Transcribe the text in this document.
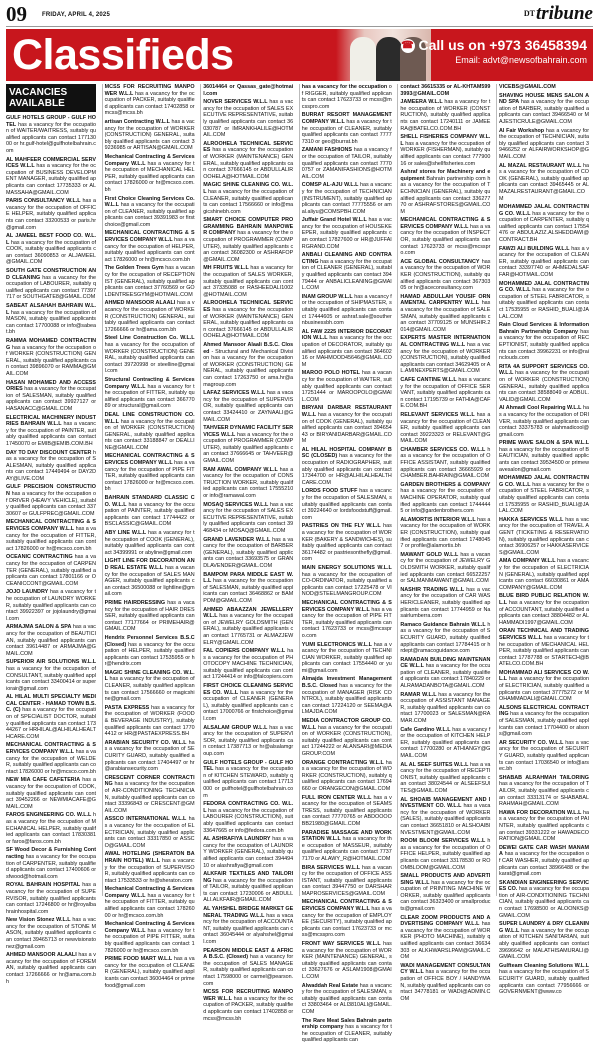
09	FRIDAY, APRIL 4, 2025	$^{DT}$tribune
Classifieds	☎ Call us on +973 36458394
Email: advt@newsofbahrain.com
VACANCIES AVAILABLE

GULF HOTELS GROUP - GULF HOTEL has a vacancy for the occupation of WAITER/WAITRESS, suitably qualified applicants can contact 17713000 or hr.gulf-hotel@gulfhotelbahrain.com

AL MAHFEER COMMERCIAL SERVICES W.L.L has a vacancy for the occupation of BUSINESS DEVELOPMENT MANAGER, suitably qualified applicants can contact 17735333 or ALMASSAHA@GMAIL.COM

PARIS CONSULTANCY W.L.L has a vacancy for the occupation of OFFICE HELPER, suitably qualified applicants can contact 33200533 or paris.hr@gmail.com

AL JAMEEL BEST FOOD CO. W.L.L has a vacancy for the occupation of COOK, suitably qualified applicants can contact 36090853 or ALJAMEEL@GMAIL.COM

SOUTH GATE CONSTRUCTION AND CLEANING has a vacancy for the occupation of LABOURER, suitably qualified applicants can contact 77397717 or SOUTHGATE8@GMAIL.COM

SABEAT ALSAHAH BAHRAIN W.L.L has a vacancy for the occupation of MASON, suitably qualified applicants can contact 17700088 or info@sabeat.bh

RAMMA MOHAMED CONTRACTING has a vacancy for the occupation of WORKER (CONSTRUCTION) GENERAL, suitably qualified applicants can contact 39896070 or RAMMA@GMAIL.COM

HASAN MOHAMED AND ACCESSORIES has a vacancy for the occupation of SALESMAN, suitably qualified applicants can contact 39927127 or HASANACC@GMAIL.COM

ELECTRICAL MACHINERY INDUSTRIES BAHRAIN W.L.L has a vacancy for the occupation of PAINTER, suitably qualified applicants can contact 17450070 or EMIB@EMIB.COM.BH

DAY TO DAY DISCOUNT CENTER has a vacancy for the occupation of SALESMAN, suitably qualified applicants can contact 17449494 or DAY2DAY@LIVE.COM

GULF PRECISION CONSTRUCTION has a vacancy for the occupation of DRIVER (HEAVY VEHICLE), suitably qualified applicants can contact 33730607 or GULFPREC@GMAIL.COM

MECHANICAL CONTRACTING & SERVICES COMPANY W.L.L has a vacancy for the occupation of FITTER, suitably qualified applicants can contact 17826000 or hr@mcsco.com.bh

OCEANIC CONTRACTING has a vacancy for the occupation of CARPENTER (GENERAL), suitably qualified applicants can contact 17801166 or OCEANICCONT@GMAIL.COM

JOJO LAUNDRY has a vacancy for the occupation of LAUNDRY WORKER, suitably qualified applicants can contact 39922397 or jojolaundry@gmail.com

ARMAJMA SALON & SPA has a vacancy for the occupation of BEAUTICIAN, suitably qualified applicants can contact 39614487 or ARMAJMA@GMAIL.COM

SUPERIOR AIR SOLUTIONS W.L.L has a vacancy for the occupation of CONSULTANT, suitably qualified applicants can contact 33400414 or superiorair@gmail.com

AL HILAL MULTI SPECIALTY MEDICAL CENTER - HAMAD TOWN B.S.C. (C) has a vacancy for the occupation of SPECIALIST DOCTOR, suitably qualified applicants can contact 17344267 or HRHILAL@ALHILALHEALTHCARE.COM

MECHANICAL CONTRACTING & SERVICES COMPANY W.L.L has a vacancy for the occupation of WELDER, suitably qualified applicants can contact 17826000 or hr@mcsco.com.bh

NEW MIA CAFE CAFETERIA has a vacancy for the occupation of COOK, suitably qualified applicants can contact 39452266 or NEWMIACAFE@GMAIL.COM

FAROS ENGINEERING CO. W.L.L has a vacancy for the occupation of MECHANICAL HELPER, suitably qualified applicants can contact 17830381 or faros@faros.com.bh

SF Wood Decor & Furnishing Contracting has a vacancy for the occupation of CARPENTER, suitably qualified applicants can contact 17400606 or sfwood@hotmail.com

ROYAL BAHRAIN HOSPITAL has a vacancy for the occupation of SUPERVISOR, suitably qualified applicants can contact 17246800 or hr@royalbahrainhospital.com

New Vision Stonez W.L.L has a vacancy for the occupation of STONE MASON, suitably qualified applicants can contact 39465713 or newvisionstonez@gmail.com

AHMED MANSOOR ALAALI has a vacancy for the occupation of FOREMAN, suitably qualified applicants can contact 17266666 or hr@ama.com.bh

MCSS FOR RECRUITING MANPOWER W.L.L has a vacancy for the occupation of PACKER, suitably qualified applicants can contact 17402858 or mcss@mcss.bh

artisan Contracting W.L.L has a vacancy for the occupation of WORKER (CONSTRUCTION) GENERAL, suitably qualified applicants can contact 39236985 or ARTISAN@GMAIL.COM

Mechanical Contracting & Services Company W.L.L has a vacancy for the occupation of MECHANICAL HELPER, suitably qualified applicants can contact 17826000 or hr@mcsco.com.bh

First Choice Cleaning Services Co. W.L.L has a vacancy for the occupation of CLEANER, suitably qualified applicants can contact 39391983 or firstchoice@gmail.com

MECHANICAL CONTRACTING & SERVICES COMPANY W.L.L has a vacancy for the occupation of HELPER, suitably qualified applicants can contact 17826000 or hr@mcsco.com.bh

The Golden Trees Gym has a vacancy for the occupation of RECEPTIONIST (GENERAL), suitably qualified applicants can contact 37760569 or GOLDENTREESGYM@HOTMAIL.COM

AHMED MANSOOR ALAALI has a vacancy for the occupation of WORKER (CONSTRUCTION) GENERAL, suitably qualified applicants can contact 17266666 or hr@ama.com.bh

Steel Line Construction Co. W.L.L has a vacancy for the occupation of WORKER (CONSTRUCTION) GENERAL, suitably qualified applicants can contact 39720998 or steelline@gmail.com

Structural Contracting & Services Company W.L.L has a vacancy for the occupation of FITTER, suitably qualified applicants can contact 36677089 or structural@gmail.com

DEAL LINE CONSTRUCTION CO. W.L.L has a vacancy for the occupation of WORKER (CONSTRUCTION) GENERAL, suitably qualified applicants can contact 33188847 or DEALLINE@GMAIL.COM

MECHANICAL CONTRACTING & SERVICES COMPANY W.L.L has a vacancy for the occupation of PIPE FITTER, suitably qualified applicants can contact 17826000 or hr@mcsco.com.bh

BAHRAIN STANDARD CLASSIC CO. W.L.L has a vacancy for the occupation of PAINTER, suitably qualified applicants can contact 17744422 or BSCLASSIC@GMAIL.COM

ABY LINE W.L.L has a vacancy for the occupation of COOK (GENERAL), suitably qualified applicants can contact 34399991 or abyline@gmail.com

LIGHT LINE FOR DECORATION AND REAL ESTATE W.L.L has a vacancy for the occupation of SALES MANAGER, suitably qualified applicants can contact 36500088 or lightline@gmail.com

PRIME HAIRDRESSING has a vacancy for the occupation of HAIR DRESSER, suitably qualified applicants can contact 77177664 or PRIMEHAIR@GMAIL.COM

Hendrix Personnel Services B.S.C (Closed) has a vacancy for the occupation of HELPER, suitably qualified applicants can contact 17535955 or hr@hendrix.com

MAGIC SHINE CLEANING CO. W.L.L has a vacancy for the occupation of CLEANER, suitably qualified applicants can contact 17566660 or magicshine@gmail.com

PASTA EXPRESS has a vacancy for the occupation of WORKER (FOOD & BEVERAGE INDUSTRY), suitably qualified applicants can contact 17704412 or HR@PASTAEXPRESS.BH

ARABIAN SECURITY CO. W.L.L has a vacancy for the occupation of SECURITY GUARD, suitably qualified applicants can contact 17404497 or hr@arabiansecurity.com

CRESCENT CORNER CONTRACTING has a vacancy for the occupation of AIR-CONDITIONING TECHNICIAN, suitably qualified applicants can contact 33396843 or CRESCENT@GMAIL.COM

ASSCO INTERNATIONAL W.L.L has a vacancy for the occupation of ELECTRICIAN, suitably qualified applicants can contact 33317850 or ASSCO@GMAIL.COM

AWAL HOTELING (SHERATON BAHRAIN HOTEL) W.L.L has a vacancy for the occupation of SUPERVISOR, suitably qualified applicants can contact 17533533 or hr@sheraton.com

Mechanical Contracting & Services Company W.L.L has a vacancy for the occupation of FITTER, suitably qualified applicants can contact 17826000 or hr@mcsco.com.bh

Mechanical Contracting & Services Company W.L.L has a vacancy for the occupation of PIPE FITTER, suitably qualified applicants can contact 17826000 or hr@mcsco.com.bh

PRIME FOOD MART W.L.L has a vacancy for the occupation of CLEANER (GENERAL), suitably qualified applicants can contact 36004464 or primefood@gmail.com

36014464 or Qassas_gate@hotmail.com

NOVER SERVICES W.L.L has a vacancy for the occupation of SALES EXECUTIVE REPRESENTATIVE, suitably qualified applicants can contact 36030787 or IMRANKHALILE@HOTMAIL.COM

ALROOHELA TECHNICAL SERVICES has a vacancy for the occupation of WORKER (MAINTENANCE) GENERAL, suitably qualified applicants can contact 37666145 or ABDULLALIROOHELA@HOTMAIL.COM

MAGIC SHINE CLEANING CO. W.L.L has a vacancy for the occupation of CLEANER, suitably qualified applicants can contact 17566660 or info@magicshinebh.com

SMART CHOICE COMPUTER PROGRAMMING BAHRAIN MANPOWER COMPANY has a vacancy for the occupation of PROGRAMMER (COMPUTER), suitably qualified applicants can contact 36082300 or ASHRAFOP@GMAIL.COM

MH FRUITS W.L.L has a vacancy for the occupation of SALES WORKER, suitably qualified applicants can contact 37335088 or RASHEEDALI1002@HOTMAIL.COM

ALROOHELA TECHNICAL SERVICES has a vacancy for the occupation of WORKER (MAINTENANCE) GENERAL, suitably qualified applicants can contact 37666145 or ABDULLALIROOHELA@HOTMAIL.COM

Ahmed Mansoor Alaali B.S.C. Closed - Structural and Mechanical Division has a vacancy for the occupation of WORKER (CONSTRUCTION) GENERAL, suitably qualified applicants can contact 17263750 or ama.hr@amagroup.com

LAFAZ SERVICES W.L.L has a vacancy for the occupation of SUPERVISOR, suitably qualified applicants can contact 33424410 or ZAYNAALI@GMAIL.COM

TAHVEER DYNAMIC FACILITY SERVICES W.L.L has a vacancy for the occupation of PROGRAMMER (COMPUTER), suitably qualified applicants can contact 37666645 or TAHVEER@GMAIL.COM

RAM AWAL COMPANY W.L.L has a vacancy for the occupation of CONSTRUCTION WORKER, suitably qualified applicants can contact 17555210 or info@ramawal.com

MOSAQ SERVICES W.L.L has a vacancy for the occupation of SALES EXECUTIVE REPRESENTATIVE, suitably qualified applicants can contact 39468434 or MOSAQ@GMAIL.COM

GRAND LAVENDER W.L.L has a vacancy for the occupation of BARBER (GENERAL), suitably qualified applicants can contact 33693575 or GRANDLAVENDER@GMAIL.COM

BAMPOM PARA MIDDLE EAST W.L.L has a vacancy for the occupation of SALESMAN, suitably qualified applicants can contact 36468862 or BAMPOM@GMAIL.COM

AHMED ABAAZZAN JEWELLERY W.L.L has a vacancy for the occupation of JEWELRY GOLDSMITH (GENERAL), suitably qualified applicants can contact 17765731 or ALMAZJEWELRY@GMAIL.COM

FAL COPIERS COMPANY W.L.L has a vacancy for the occupation of PHOTOCOPY MACHINE TECHNICIAN, suitably qualified applicants can contact 17244414 or info@falcopiers.com

FIRST CHOICE CLEANING SERVICES CO. W.L.L has a vacancy for the occupation of CLEANER (GENERAL), suitably qualified applicants can contact 17000766 or firstchoice@gmail.com

ALSALAM GROUP W.L.L has a vacancy for the occupation of SUPERVISOR, suitably qualified applicants can contact 17387713 or hr@alsalamgroup.com

GULF HOTELS GROUP - GULF HOTEL has a vacancy for the occupation of KITCHEN STEWARD, suitably qualified applicants can contact 17713000 or gulfhotel@gulfhotelbahrain.com

FEDORA CONTRACTING CO. W.L.L has a vacancy for the occupation of LABOURER (CONSTRUCTION), suitably qualified applicants can contact 33647665 or info@fedora.com.bh

AL ASHRAFIYA LAUNDRY has a vacancy for the occupation of LAUNDRY WORKER (GENERAL), suitably qualified applicants can contact 39449410 or alashrafiya@gmail.com

ALKFAIR TEXTILES AND TAILORING has a vacancy for the occupation of TAILOR, suitably qualified applicants can contact 17230006 or ABDULLALI.ALKFAIR@GMAIL.COM

AL YAHSHEL BRIDGE MARKET GENERAL TRADING W.L.L has a vacancy for the occupation of ACCOUNTANT, suitably qualified applicants can contact 36045444 or alyahshel@gmail.com

PEARSON MIDDLE EAST & AFRICA B.S.C. (Closed) has a vacancy for the occupation of SALES MANAGER, suitably qualified applicants can contact 17598000 or carmel@pearson.com

MCSS FOR RECRUITING MANPOWER W.L.L has a vacancy for the occupation of PACKER, suitably qualified applicants can contact 17402858 or mcss@mcss.bh

has a vacancy for the occupation of RIGGER, suitably qualified applicants can contact 17623733 or mcss@mcsspro.com

BURRAT RESORT MANAGEMENT COMPANY W.L.L has a vacancy for the occupation of CLEANER, suitably qualified applicants can contact 77777310 or geo@burrat.bh

ZAMANI FASHIONS has a vacancy for the occupation of TAILOR, suitably qualified applicants can contact 77700757 or ZAMANIFASHIONS@HOTMAIL.COM

COMSP AL-AJU W.L.L has a vacancy for the occupation of TECHNICIAN (INSTRUMENT), suitably qualified applicants can contact 77775556 or amal.aliyu@COMSPBH.COM

Juffair Grand Hotel W.L.L has a vacancy for the occupation of HOUSEKEEPER, suitably qualified applicants can contact 17827600 or HR@JUFFAIRGRAND.COM

ANBALI CLEANING AND CONTRACTING has a vacancy for the occupation of CLEANER (GENERAL), suitably qualified applicants can contact 39479444 or ANBALICLEANING@GMAIL.COM

INAM GROUP W.L.L has a vacancy for the occupation of SHIPMASTER, suitably qualified applicants can contact 17444605 or ashraf.sale@southernbusinessbh.com

AL FAW 2225 INTERIOR DECORATION W.L.L has a vacancy for the occupation of DECORATOR, suitably qualified applicants can contact 36460216 or MAHMOOD45646@GMAIL.COM

MAROO POLO HOTEL has a vacancy for the occupation of WAITER, suitably qualified applicants can contact 17251444 or MAROOPOLO@GMAIL.COM

BIRYANI DARBAR RESTAURANT W.L.L has a vacancy for the occupation of COOK (GENERAL), suitably qualified applicants can contact 39465443 or BIRYANIDARBAR@GMAIL.COM

AL HILAL HOSPITAL COMPANY BSC (CLOSED) has a vacancy for the occupation of RADIOGRAPHER, suitably qualified applicants can contact 17344700 or HR@ALHILALHEALTHCARE.COM

LORDS FOOD STUFF has a vacancy for the occupation of SALESMAN, suitably qualified applicants can contact 39224640 or lordsfoodstuff@gmail.com

PASTRIES ON THE FLY W.L.L has a vacancy for the occupation of WORKER (BAKERY & SANDWICHES), suitably qualified applicants can contact 36174482 or pastriesonthefly@gmail.com

MAIN ENERGY SOLUTIONS W.L.L has a vacancy for the occupation of CO-ORDINATOR, suitably qualified applicants can contact 17225478 or VINOD@STEELMANGROUP.COM

MECHANICAL CONTRACTING & SERVICES COMPANY W.L.L has a vacancy for the occupation of PIPE FITTER, suitably qualified applicants can contact 17623733 or mcss@mcsspro.com

YUMI ELECTRONICS W.L.L has a vacancy for the occupation of TECHNICIAN WORKER, suitably qualified applicants can contact 17554440 or yumi@gmail.com

Almajda Investment Management B.S.C. Closed has a vacancy for the occupation of MANAGER (RISK CONTROL), suitably qualified applicants can contact 17224120 or SEEMA@ALMAJDA.COM

MEDIA CONTRACTOR GROUP CO. W.L.L has a vacancy for the occupation of WORKER (CONSTRUCTION), suitably qualified applicants can contact 17244222 or ALANSARI@MEDIAGROUP.COM

ORANGE CONTRACTING W.L.L has a vacancy for the occupation of WORKER (CONSTRUCTION), suitably qualified applicants can contact 17694660 or ORANGECON@GMAIL.COM

FULL IRON CENTER W.L.L has a vacancy for the occupation of SEAMSTRESS, suitably qualified applicants can contact 77770765 or ABDOOOOBB21980@GMAIL.COM

PARADISE MASSAGE AND WORKSTATION W.L.L has a vacancy for the occupation of MASSEUR, suitably qualified applicants can contact 77377170 or ALAWY_R@HOTMAIL.COM

BIRA SERVICES W.L.L has a vacancy for the occupation of OFFICE ASSISTANT, suitably qualified applicants can contact 39447750 or DARSHARMAPROSERVICES@GMAIL.COM

MECHANICAL CONTRACTING & SERVICES COMPANY W.L.L has a vacancy for the occupation of EMPLOYEE (SECURITY), suitably qualified applicants can contact 17623733 or mcss@mcsspro.com

FRONT WAY SERVICES W.L.L has a vacancy for the occupation of WORKER (MAINTENANCE) GENERAL, suitably qualified applicants can contact 33627676 or ASLAM1908@GMAIL.COM

Alwaddah Real Estate has a vacancy for the occupation of SALESMAN, suitably qualified applicants can contact 33803464 or ALI3810ALI@GMAIL.COM

The Rare Meat Sales Bahrain partnership company has a vacancy for the occupation of CLEANER, suitably qualified applicants can

contact 36615335 or AL-KHTAM5993993@GMAIL.COM

JAMEERA W.L.L has a vacancy for the occupation of WORKER (CONSTRUCTION), suitably qualified applicants can contact 17240111 or JAMEERA@BATELCO.COM.BH

SHELL FISHERIES COMPANY W.L.L has a vacancy for the occupation of WORKER (FISHERMAN), suitably qualified applicants can contact 77790016 or sales@shellfisheries.com

Ashraf stores for Machinery and equipment Bahrain partnership com has a vacancy for the occupation of TECHNICIAN (GENERAL), suitably qualified applicants can contact 33627770 or ASHRAFSTORES@GMAIL.COM

MECHANICAL CONTRACTING & SERVICES COMPANY W.L.L has a vacancy for the occupation of INSPECTOR, suitably qualified applicants can contact 17623733 or mcss@mcsspro.com

ACE GLOBAL CONSULTANCY has a vacancy for the occupation of WORKER (CONSTRUCTION), suitably qualified applicants can contact 36730305 or hr@aceconsultancy.com

HAMAD ABDULLAH YOUSIF ORNAMENTAL CARPENTRY W.L.L has a vacancy for the occupation of SALESMAN, suitably qualified applicants can contact 37709125 or MUNSHIR.2014@GMAIL.COM

EXPERTS MASTER INTERNATIONAL CONTRACTING W.L.L has a vacancy for the occupation of WORKER (CONSTRUCTION), suitably qualified applicants can contact 34629405 or AL.AMINEXPERTS@GMAIL.COM

CAFE CANTINE W.L.L has a vacancy for the occupation of OFFICE SERVANT, suitably qualified applicants can contact 17195739 or FATHIA@CAFE.COM.BH

RELEVANT SERVICES W.L.L has a vacancy for the occupation of CLEANER, suitably qualified applicants can contact 39223323 or RELEVANT@GMAIL.COM

CHAMBER SERVICES CO. W.L.L has a vacancy for the occupation of OFFICE ASSISTANT, suitably qualified applicants can contact 36665929 or CHAMBER.BAHRAIN@GMAIL.COM

GARDEN BROTHERS & COMPANY has a vacancy for the occupation of MACHINE OPERATOR, suitably qualified applicants can contact 17444445 or info@gardenbrothers.com

ALAMORTIS INTERIOR W.L.L has a vacancy for the occupation of WORKER (CONSTRUCTION), suitably qualified applicants can contact 17480457 or profile@alamortis.bh

MAWANT GOLD W.L.L has a vacancy for the occupation of JEWELRY GOLDSMITH WORKER, suitably qualified applicants can contact 66522257 or SALMANMAWANT@GMAIL.COM

NASHIR TRADING W.L.L has a vacancy for the occupation of CAR WASHER/CLEANER, suitably qualified applicants can contact 17744959 or Nasairlumberra.com

Ramaco Guidance Bahrain W.L.L has a vacancy for the occupation of SECURITY GUARD, suitably qualified applicants can contact 17784415 or hrdept@ramacoguidance.com

RAMADAN BUILDING MAINTENANCE W.L.L has a vacancy for the occupation of CLEANER, suitably qualified applicants can contact 17840229 or ALRAMADANBOTA@GMAIL.COM

RAMAR W.L.L has a vacancy for the occupation of ASSISTANT MANAGER, suitably qualified applicants can contact 17700023 or SALESMAN@RAMAR.COM

Cafe Gardino W.L.L has a vacancy for the occupation of KITCHEN HELPER, suitably qualified applicants can contact 17700280 or ATHIANGY@GMAIL.COM

AL AL SEEF SUITES W.L.L has a vacancy for the occupation of RECEPTIONIST, suitably qualified applicants can contact 38024544 or ALSEEFSUITES@GMAIL.COM

AL SHOAIB MANAGEMENT AND INVESTMENT CO. W.L.L has a vacancy for the occupation of WORKER (SALES), suitably qualified applicants can contact 36651810 or ALSHOAIBINVESTMENT@GMAIL.COM

ROOM BLOOM SERVICES W.L.L has a vacancy for the occupation of OFFICE HELPER, suitably qualified applicants can contact 33178530 or ROOMBLOOM@GMAIL.COM

SMALL PRODUCTS AND ADVERTISING W.L.L has a vacancy for the occupation of PRINTING MACHINE WORKER, suitably qualified applicants can contact 36323400 or smallproducts@gmail.com

CLEAR ZOOM PRODUCTS AND ADVERTISING COMPANY W.L.L has a vacancy for the occupation of WORKER (PHOTO MACHINE), suitably qualified applicants can contact 36634303 or ALKHWARSLPAM@GMAIL.COM

WADI MANAGEMENT CONSULTANCY W.L.L has a vacancy for the occupation of OFFICE BOY / HANDYMAN, suitably qualified applicants can contact 34778181 or WADI@ADMIN.COM

VICEBS@GMAIL.COM

SHAVING HOUSE MENS SALON AND SPA has a vacancy for the occupation of BARBER, suitably qualified applicants can contact 39466540 or MAJESTICRULE@GMAIL.COM

Al Fair Workshop has a vacancy for the occupation of TECHNICIAN, suitably qualified applicants can contact 39466252 or ALFAIRWORKSHOP@GMAIL.COM

AL MAZAL RESTAURANT W.L.L has a vacancy for the occupation of COOK (GENERAL), suitably qualified applicants can contact 39465445 or ALMAZALRESTAURANT@GMAIL.COM

MOHAMMED JALAL CONTRACTING CO. W.L.L has a vacancy for the occupation of CARPENTER, suitably qualified applicants can contact 17554476 or ABDULAZIZ.ALSHEDDAWI@CONTRACT.BH

FAWZI ALI BUILDING W.L.L has a vacancy for the occupation of CLEANER, suitably qualified applicants can contact 33397740 or AHMEDALSAFFAR@HOTMAIL.COM

MOHAMMED JALAL CONTRACTING CO. W.L.L has a vacancy for the occupation of STEEL FABRICATOR, suitably qualified applicants can contact 17535955 or RASHID_BUALI@JALAL.COM

Rain Cloud Services & Information Bahrain Partnership Company has a vacancy for the occupation of RECEPTIONIST, suitably qualified applicants can contact 39962231 or info@rainclouds.com

RITA 4A SUPPORT SERVICES CO. W.L.L has a vacancy for the occupation of WORKER (CONSTRUCTION) GENERAL, suitably qualified applicants can contact 38588049 or ADBUL.VALID@GMAIL.COM

Al Ahmadi Cool Repairing W.L.L has a vacancy for the occupation of DRIVER, suitably qualified applicants can contact 33375783 or alahmadicool@gmail.com

PRIME WAVE SALON & SPA W.L.L has a vacancy for the occupation of BEAUTICIAN, suitably qualified applicants can contact 39534500 or primewavesalon@gmail.com

MOHAMMED JALAL CONTRACTING CO. W.L.L has a vacancy for the occupation of STEEL FABRICATOR, suitably qualified applicants can contact 17535955 or RASHID_BUALI@JALAL.COM

HAKKA SERVICES W.L.L has a vacancy for the occupation of TRAVEL AGENT (TICKETING & RESERVATION), suitably qualified applicants can contact 36906257 or HAKKASERVICES@GMAIL.COM

AMA COMPANY W.L.L has a vacancy for the occupation of ELECTRICIAN (GENERAL), suitably qualified applicants can contact 66030861 or AMACOMPANY@GMAIL.COM

BLUE BIRD PUBLIC RELATION W.L.L has a vacancy for the occupation of ACCOUNTANT, suitably qualified applicants can contact 38804482 or ALHAMMADI1997@GMAIL.COM

ORAN TECHNICAL AND TRADING SERVICES W.L.L has a vacancy for the occupation of MECHANICAL HELPER, suitably qualified applicants can contact 17787788 or STARTECH@BATELCO.COM.BH

MOHAMMAD ALI SERVICES CO W.L.L has a vacancy for the occupation of ELECTRICIAN, suitably qualified applicants can contact 37775272 or MOHAMMADALI@GMAIL.COM

ALSONS ELECTRICAL CONTRACTING has a vacancy for the occupation of SALESMAN, suitably qualified applicants can contact 17704400 or alsons@gmail.com

AR SECURITY CO. W.L.L has a vacancy for the occupation of SECURITY GUARD, suitably qualified applicants can contact 17036540 or info@arsec.bh

SHABAB ALRAHMAH TAILORING has a vacancy for the occupation of TAILOR, suitably qualified applicants can contact 33313174 or SHABABALRAHMAH@GMAIL.COM

HAWA FOR DECORATION W.L.L has a vacancy for the occupation of PAINTER, suitably qualified applicants can contact 39331222 or HAWADECORATION@GMAIL.COM

DEWEI GATE CAR WASH MANAMA has a vacancy for the occupation of CAR WASHER, suitably qualified applicants can contact 38966488 or thekarat@gmail.com

SKANDIAN ENGINEERING SERVICES CO. has a vacancy for the occupation of AIR-CONDITIONING TECHNICIAN, suitably qualified applicants can contact 17698500 or ALOONKS@GMAIL.COM

SUPER LAUNDRY & DRY CLEANING W.L.L has a vacancy for the occupation of KITCHEN SANITARIAN, suitably qualified applicants can contact 39696642 or MALATHISAMURALI@GMAIL.COM

Gulfteam Cleaning Solutions W.L.L has a vacancy for the occupation of SECURITY GUARD, suitably qualified applicants can contact 77956666 or GOVERNMENT@www.co
